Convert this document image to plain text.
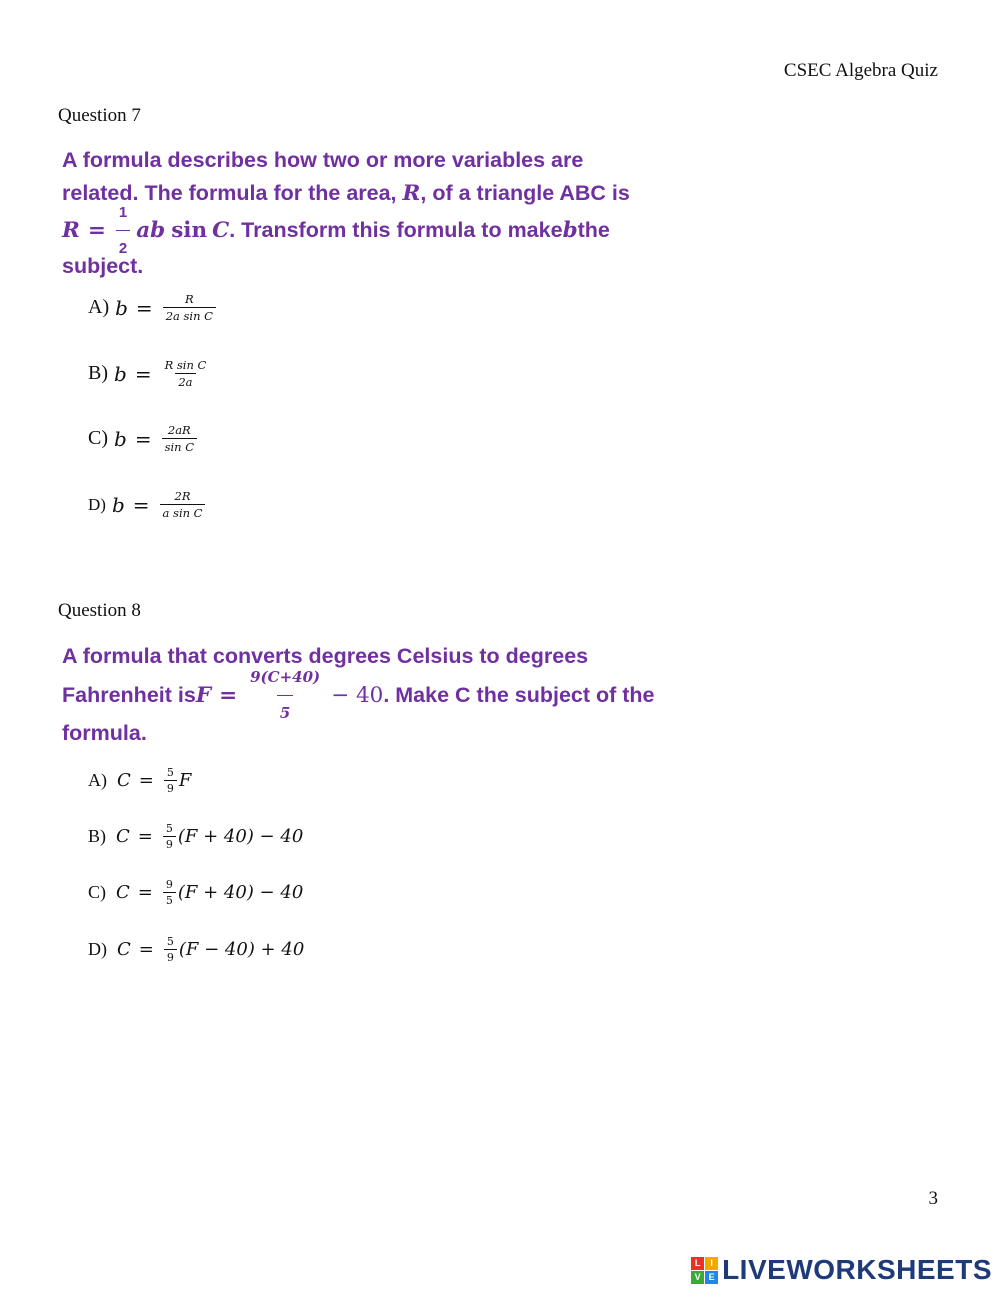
CSEC Algebra Quiz
Question 7
A formula describes how two or more variables are
related. The formula for the area, R, of a triangle ABC is
$R = \frac{1}{2}$ ab sin C . Transform this formula to make b the
subject.
A) $b = \frac{R}{\text{2a sin C}}$
B) $b = \frac{\text{R sin C}}{2a}$
C) $b = \frac{2aR}{\text{sin C}}$
D) $b = \frac{2R}{\text{a sin C}}$
Question 8
A formula that converts degrees Celsius to degrees
Fahrenheit is $F = \frac{9(C+40)}{5} - 40$ . Make C the subject of the
formula.
A) $C = \frac{5}{9}$ F
B) $C = \frac{5}{9} (F + 40) - 40$
C) $C = \frac{9}{5} (F + 40) - 40$
D) $C = \frac{5}{9} (F - 40) + 40$
3
L	I
V E LIVEWORKSHEETS
